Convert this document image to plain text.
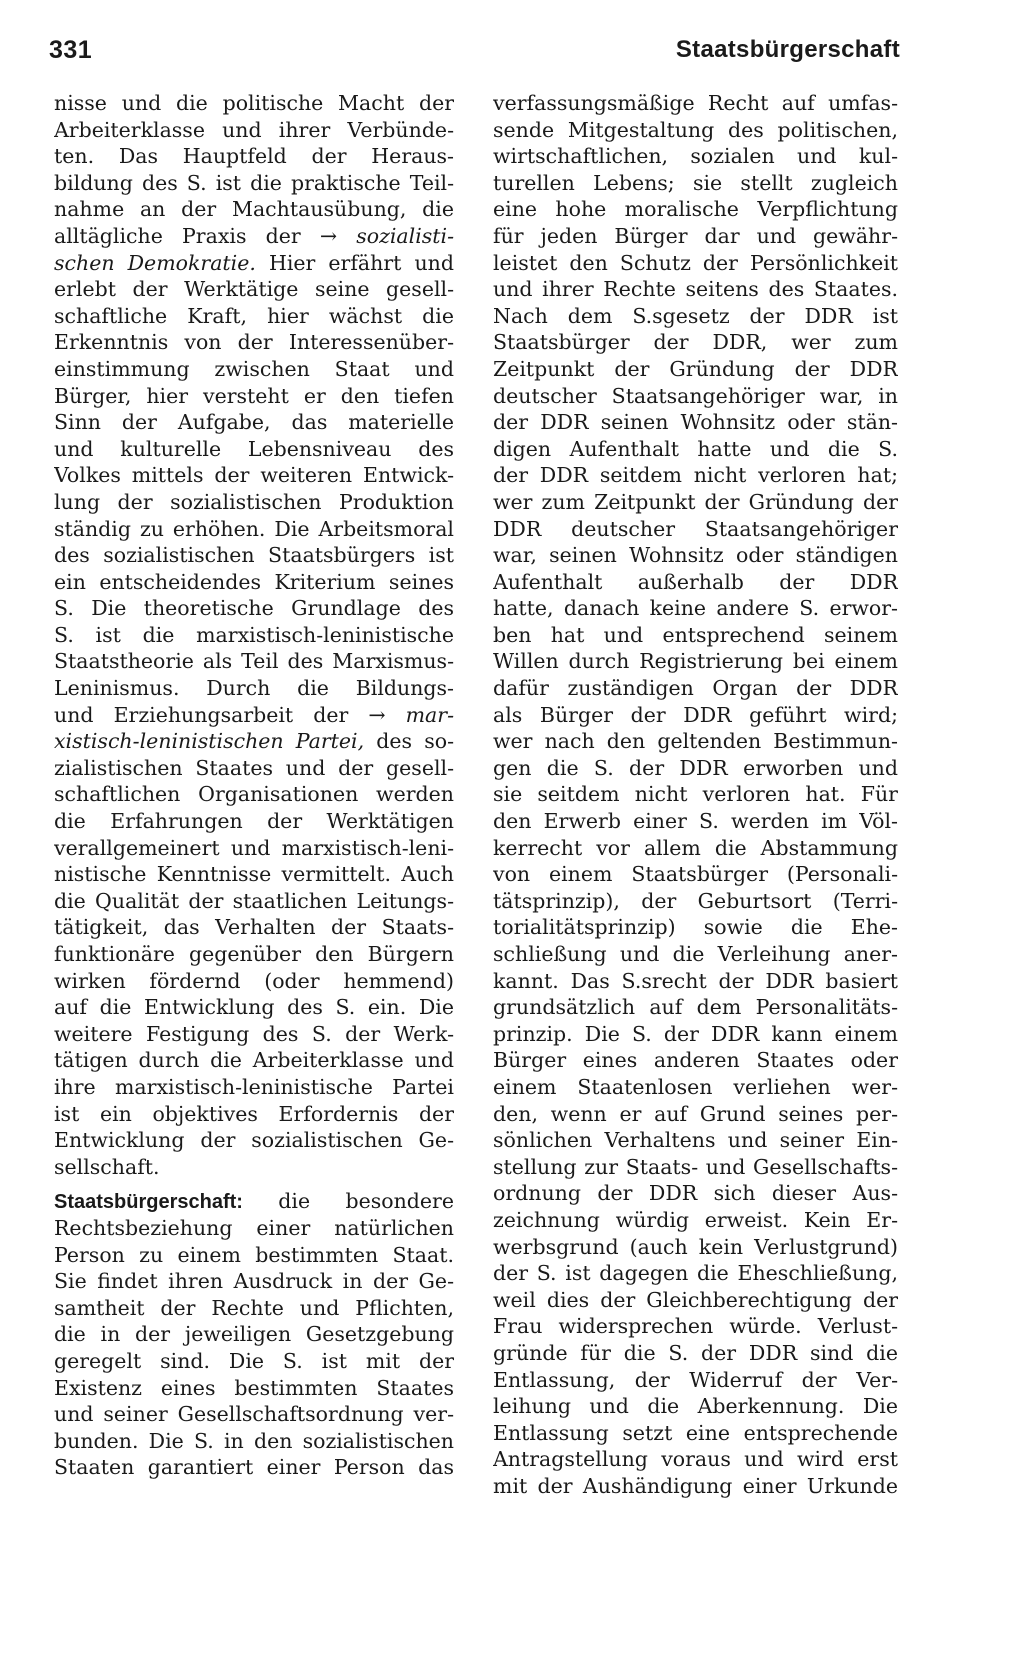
331	Staatsbürgerschaft
nisse und die politische Macht der
Arbeiterklasse und ihrer Verbünde-
ten. Das Hauptfeld der Heraus-
bildung des S. ist die praktische Teil-
nahme an der Machtausübung, die
alltägliche Praxis der → sozialisti-
schen Demokratie. Hier erfährt und
erlebt der Werktätige seine gesell-
schaftliche Kraft, hier wächst die
Erkenntnis von der Interessenüber-
einstimmung zwischen Staat und
Bürger, hier versteht er den tiefen
Sinn der Aufgabe, das materielle
und kulturelle Lebensniveau des
Volkes mittels der weiteren Entwick-
lung der sozialistischen Produktion
ständig zu erhöhen. Die Arbeitsmoral
des sozialistischen Staatsbürgers ist
ein entscheidendes Kriterium seines
S. Die theoretische Grundlage des
S. ist die marxistisch-leninistische
Staatstheorie als Teil des Marxismus-
Leninismus. Durch die Bildungs-
und Erziehungsarbeit der → mar-
xistisch-leninistischen Partei, des so-
zialistischen Staates und der gesell-
schaftlichen Organisationen werden
die Erfahrungen der Werktätigen
verallgemeinert und marxistisch-leni-
nistische Kenntnisse vermittelt. Auch
die Qualität der staatlichen Leitungs-
tätigkeit, das Verhalten der Staats-
funktionäre gegenüber den Bürgern
wirken fördernd (oder hemmend)
auf die Entwicklung des S. ein. Die
weitere Festigung des S. der Werk-
tätigen durch die Arbeiterklasse und
ihre marxistisch-leninistische Partei
ist ein objektives Erfordernis der
Entwicklung der sozialistischen Ge-
sellschaft.
Staatsbürgerschaft: die besondere
Rechtsbeziehung einer natürlichen
Person zu einem bestimmten Staat.
Sie findet ihren Ausdruck in der Ge-
samtheit der Rechte und Pflichten,
die in der jeweiligen Gesetzgebung
geregelt sind. Die S. ist mit der
Existenz eines bestimmten Staates
und seiner Gesellschaftsordnung ver-
bunden. Die S. in den sozialistischen
Staaten garantiert einer Person das
verfassungsmäßige Recht auf umfas-
sende Mitgestaltung des politischen,
wirtschaftlichen, sozialen und kul-
turellen Lebens; sie stellt zugleich
eine hohe moralische Verpflichtung
für jeden Bürger dar und gewähr-
leistet den Schutz der Persönlichkeit
und ihrer Rechte seitens des Staates.
Nach dem S.sgesetz der DDR ist
Staatsbürger der DDR, wer zum
Zeitpunkt der Gründung der DDR
deutscher Staatsangehöriger war, in
der DDR seinen Wohnsitz oder stän-
digen Aufenthalt hatte und die S.
der DDR seitdem nicht verloren hat;
wer zum Zeitpunkt der Gründung der
DDR deutscher Staatsangehöriger
war, seinen Wohnsitz oder ständigen
Aufenthalt außerhalb der DDR
hatte, danach keine andere S. erwor-
ben hat und entsprechend seinem
Willen durch Registrierung bei einem
dafür zuständigen Organ der DDR
als Bürger der DDR geführt wird;
wer nach den geltenden Bestimmun-
gen die S. der DDR erworben und
sie seitdem nicht verloren hat. Für
den Erwerb einer S. werden im Völ-
kerrecht vor allem die Abstammung
von einem Staatsbürger (Personali-
tätsprinzip), der Geburtsort (Terri-
torialitätsprinzip) sowie die Ehe-
schließung und die Verleihung aner-
kannt. Das S.srecht der DDR basiert
grundsätzlich auf dem Personalitäts-
prinzip. Die S. der DDR kann einem
Bürger eines anderen Staates oder
einem Staatenlosen verliehen wer-
den, wenn er auf Grund seines per-
sönlichen Verhaltens und seiner Ein-
stellung zur Staats- und Gesellschafts-
ordnung der DDR sich dieser Aus-
zeichnung würdig erweist. Kein Er-
werbsgrund (auch kein Verlustgrund)
der S. ist dagegen die Eheschließung,
weil dies der Gleichberechtigung der
Frau widersprechen würde. Verlust-
gründe für die S. der DDR sind die
Entlassung, der Widerruf der Ver-
leihung und die Aberkennung. Die
Entlassung setzt eine entsprechende
Antragstellung voraus und wird erst
mit der Aushändigung einer Urkunde
